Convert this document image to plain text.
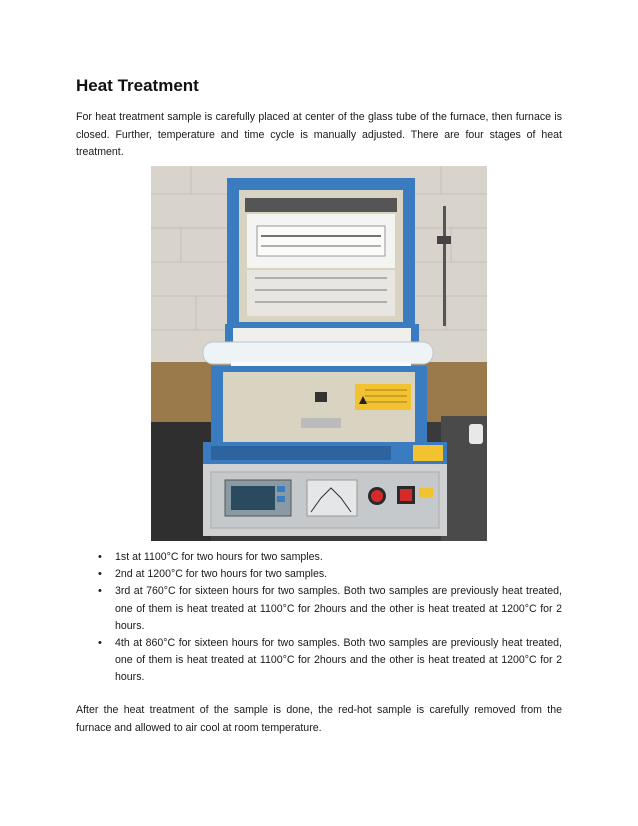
Heat Treatment

For heat treatment sample is carefully placed at center of the glass tube of the furnace, then furnace is closed. Further, temperature and time cycle is manually adjusted. There are four stages of heat treatment.

• 1st at 1100°C for two hours for two samples.
• 2nd at 1200°C for two hours for two samples.
• 3rd at 760°C for sixteen hours for two samples. Both two samples are previously heat treated, one of them is heat treated at 1100°C for 2hours and the other is heat treated at 1200°C for 2 hours.
• 4th at 860°C for sixteen hours for two samples. Both two samples are previously heat treated, one of them is heat treated at 1100°C for 2hours and the other is heat treated at 1200°C for 2 hours.

After the heat treatment of the sample is done, the red-hot sample is carefully removed from the furnace and allowed to air cool at room temperature.
